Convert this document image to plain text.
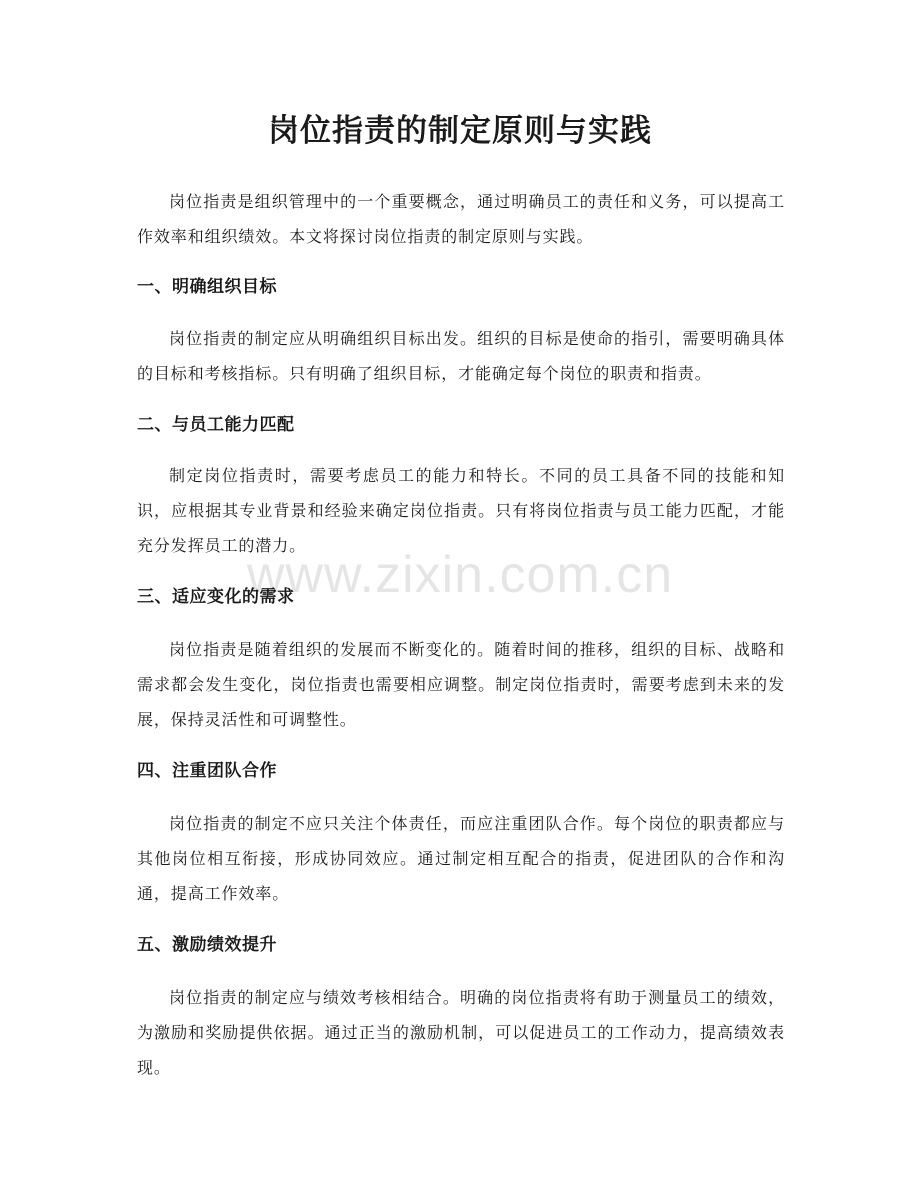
岗位指责的制定原则与实践

岗位指责是组织管理中的一个重要概念，通过明确员工的责任和义务，可以提高工作效率和组织绩效。本文将探讨岗位指责的制定原则与实践。

一、明确组织目标

岗位指责的制定应从明确组织目标出发。组织的目标是使命的指引，需要明确具体的目标和考核指标。只有明确了组织目标，才能确定每个岗位的职责和指责。

二、与员工能力匹配

制定岗位指责时，需要考虑员工的能力和特长。不同的员工具备不同的技能和知识，应根据其专业背景和经验来确定岗位指责。只有将岗位指责与员工能力匹配，才能充分发挥员工的潜力。

三、适应变化的需求

岗位指责是随着组织的发展而不断变化的。随着时间的推移，组织的目标、战略和需求都会发生变化，岗位指责也需要相应调整。制定岗位指责时，需要考虑到未来的发展，保持灵活性和可调整性。

四、注重团队合作

岗位指责的制定不应只关注个体责任，而应注重团队合作。每个岗位的职责都应与其他岗位相互衔接，形成协同效应。通过制定相互配合的指责，促进团队的合作和沟通，提高工作效率。

五、激励绩效提升

岗位指责的制定应与绩效考核相结合。明确的岗位指责将有助于测量员工的绩效，为激励和奖励提供依据。通过正当的激励机制，可以促进员工的工作动力，提高绩效表现。

www.zixin.com.cn
